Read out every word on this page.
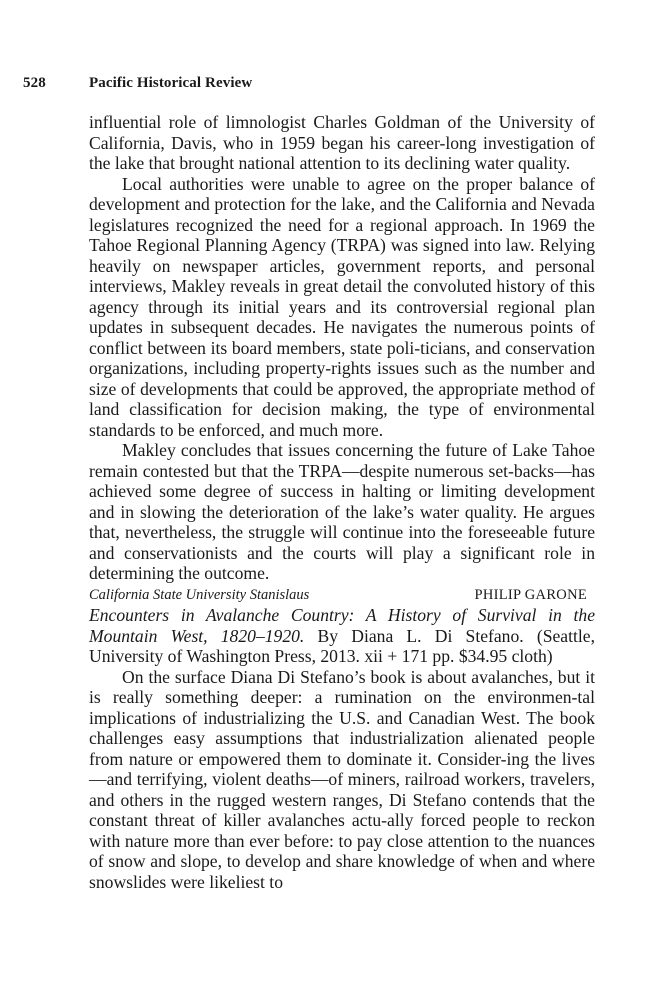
528	Pacific Historical Review

influential role of limnologist Charles Goldman of the University of California, Davis, who in 1959 began his career-long investigation of the lake that brought national attention to its declining water quality.

Local authorities were unable to agree on the proper balance of development and protection for the lake, and the California and Nevada legislatures recognized the need for a regional approach. In 1969 the Tahoe Regional Planning Agency (TRPA) was signed into law. Relying heavily on newspaper articles, government reports, and personal interviews, Makley reveals in great detail the convoluted history of this agency through its initial years and its controversial regional plan updates in subsequent decades. He navigates the numerous points of conflict between its board members, state poli-ticians, and conservation organizations, including property-rights issues such as the number and size of developments that could be approved, the appropriate method of land classification for decision making, the type of environmental standards to be enforced, and much more.

Makley concludes that issues concerning the future of Lake Tahoe remain contested but that the TRPA—despite numerous set-backs—has achieved some degree of success in halting or limiting development and in slowing the deterioration of the lake’s water quality. He argues that, nevertheless, the struggle will continue into the foreseeable future and conservationists and the courts will play a significant role in determining the outcome.

California State University Stanislaus	PHILIP GARONE

Encounters in Avalanche Country: A History of Survival in the Mountain West, 1820–1920. By Diana L. Di Stefano. (Seattle, University of Washington Press, 2013. xii + 171 pp. $34.95 cloth)

On the surface Diana Di Stefano’s book is about avalanches, but it is really something deeper: a rumination on the environmen-tal implications of industrializing the U.S. and Canadian West. The book challenges easy assumptions that industrialization alienated people from nature or empowered them to dominate it. Consider-ing the lives—and terrifying, violent deaths—of miners, railroad workers, travelers, and others in the rugged western ranges, Di Stefano contends that the constant threat of killer avalanches actu-ally forced people to reckon with nature more than ever before: to pay close attention to the nuances of snow and slope, to develop and share knowledge of when and where snowslides were likeliest to
